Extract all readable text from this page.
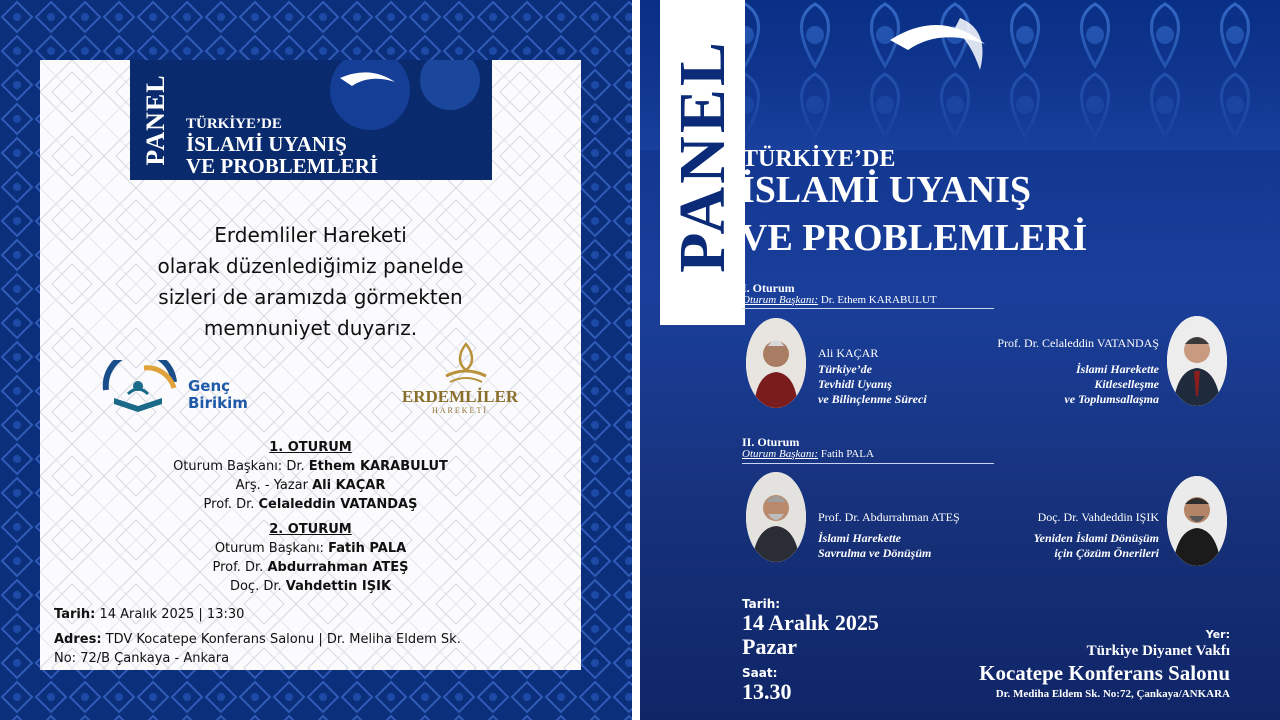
PANEL TÜRKİYE’DE
İSLAMİ UYANIŞ
VE PROBLEMLERİ
Erdemliler Hareketi
olarak düzenlediğimiz panelde
sizleri de aramızda görmekten
memnuniyet duyarız.
Genç
Birikim	ERDEMLİLER
HAREKETİ
1. OTURUM
Oturum Başkanı: Dr. Ethem KARABULUT
Arş. - Yazar Ali KAÇAR
Prof. Dr. Celaleddin VATANDAŞ
2. OTURUM
Oturum Başkanı: Fatih PALA
Prof. Dr. Abdurrahman ATEŞ
Doç. Dr. Vahdettin IŞIK
Tarih: 14 Aralık 2025 | 13:30
Adres: TDV Kocatepe Konferans Salonu | Dr. Meliha Eldem Sk.
No: 72/B Çankaya - Ankara
PANEL TÜRKİYE’DE
İSLAMİ UYANIŞ
VE PROBLEMLERİ
I. Oturum
Oturum Başkanı: Dr. Ethem KARABULUT
Ali KAÇAR
Türkiye’de
Tevhidi Uyanış
ve Bilinçlenme Süreci
Prof. Dr. Celaleddin VATANDAŞ
İslami Harekette
Kitleselleşme
ve Toplumsallaşma
II. Oturum
Oturum Başkanı: Fatih PALA
Prof. Dr. Abdurrahman ATEŞ
İslami Harekette
Savrulma ve Dönüşüm
Doç. Dr. Vahdeddin IŞIK
Yeniden İslami Dönüşüm
için Çözüm Önerileri
Tarih:
14 Aralık 2025
Pazar
Saat:
13.30
Yer:
Türkiye Diyanet Vakfı
Kocatepe Konferans Salonu
Dr. Mediha Eldem Sk. No:72, Çankaya/ANKARA
